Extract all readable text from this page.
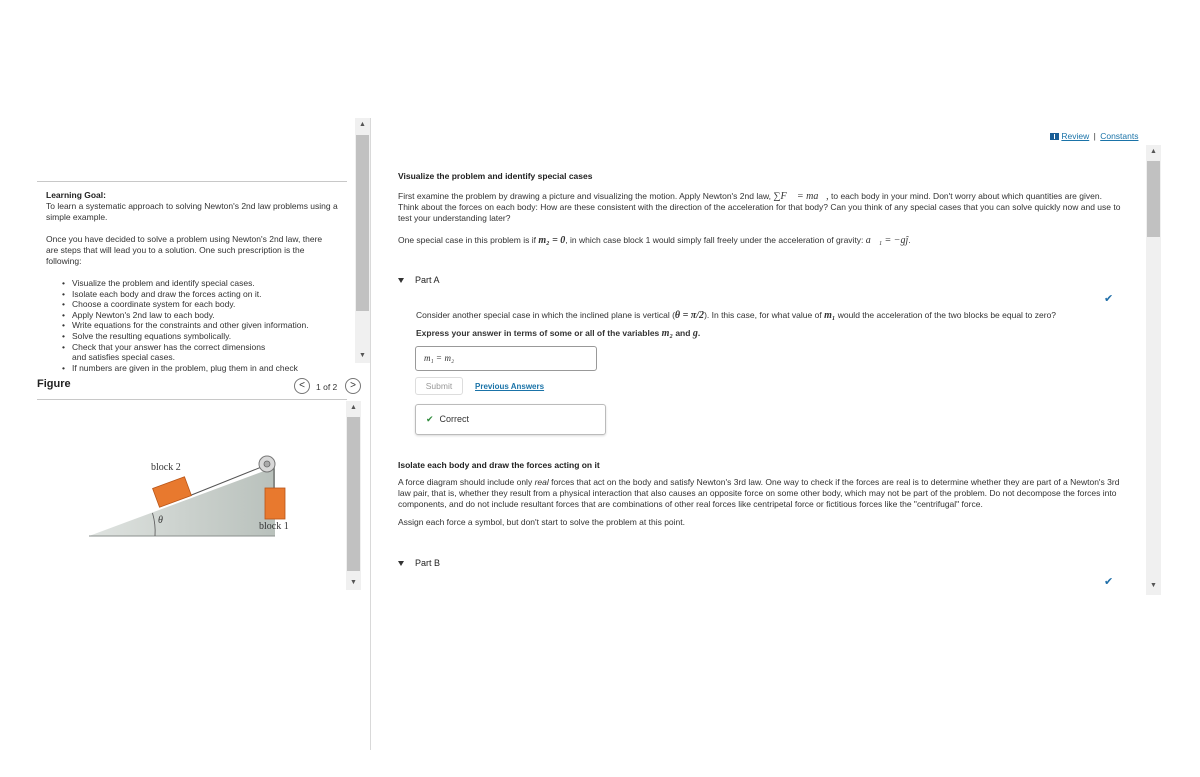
Learning Goal:
To learn a systematic approach to solving Newton's 2nd law problems using a simple example.
Once you have decided to solve a problem using Newton's 2nd law, there are steps that will lead you to a solution. One such prescription is the following:
• Visualize the problem and identify special cases.
• Isolate each body and draw the forces acting on it.
• Choose a coordinate system for each body.
• Apply Newton's 2nd law to each body.
• Write equations for the constraints and other given information.
• Solve the resulting equations symbolically.
• Check that your answer has the correct dimensions and satisfies special cases.
• If numbers are given in the problem, plug them in and check
▲
▼
Figure	<	1 of 2	>
block 2
block 1
θ
▲
▼
Review | Constants
▲
▼
Visualize the problem and identify special cases
First examine the problem by drawing a picture and visualizing the motion. Apply Newton's 2nd law, ∑F⃗ = ma⃗, to each body in your mind. Don't worry about which quantities are given. Think about the forces on each body: How are these consistent with the direction of the acceleration for that body? Can you think of any special cases that you can solve quickly now and use to test your understanding later?
One special case in this problem is if m₂ = 0, in which case block 1 would simply fall freely under the acceleration of gravity: a⃗₁ = −gĵ.
Part A
✔
Consider another special case in which the inclined plane is vertical (θ = π/2). In this case, for what value of m₁ would the acceleration of the two blocks be equal to zero?
Express your answer in terms of some or all of the variables m₂ and g.
m₁ = m₂
Submit	Previous Answers
✔ Correct
Isolate each body and draw the forces acting on it
A force diagram should include only real forces that act on the body and satisfy Newton's 3rd law. One way to check if the forces are real is to determine whether they are part of a Newton's 3rd law pair, that is, whether they result from a physical interaction that also causes an opposite force on some other body, which may not be part of the problem. Do not decompose the forces into components, and do not include resultant forces that are combinations of other real forces like centripetal force or fictitious forces like the "centrifugal" force.
Assign each force a symbol, but don't start to solve the problem at this point.
Part B
✔
